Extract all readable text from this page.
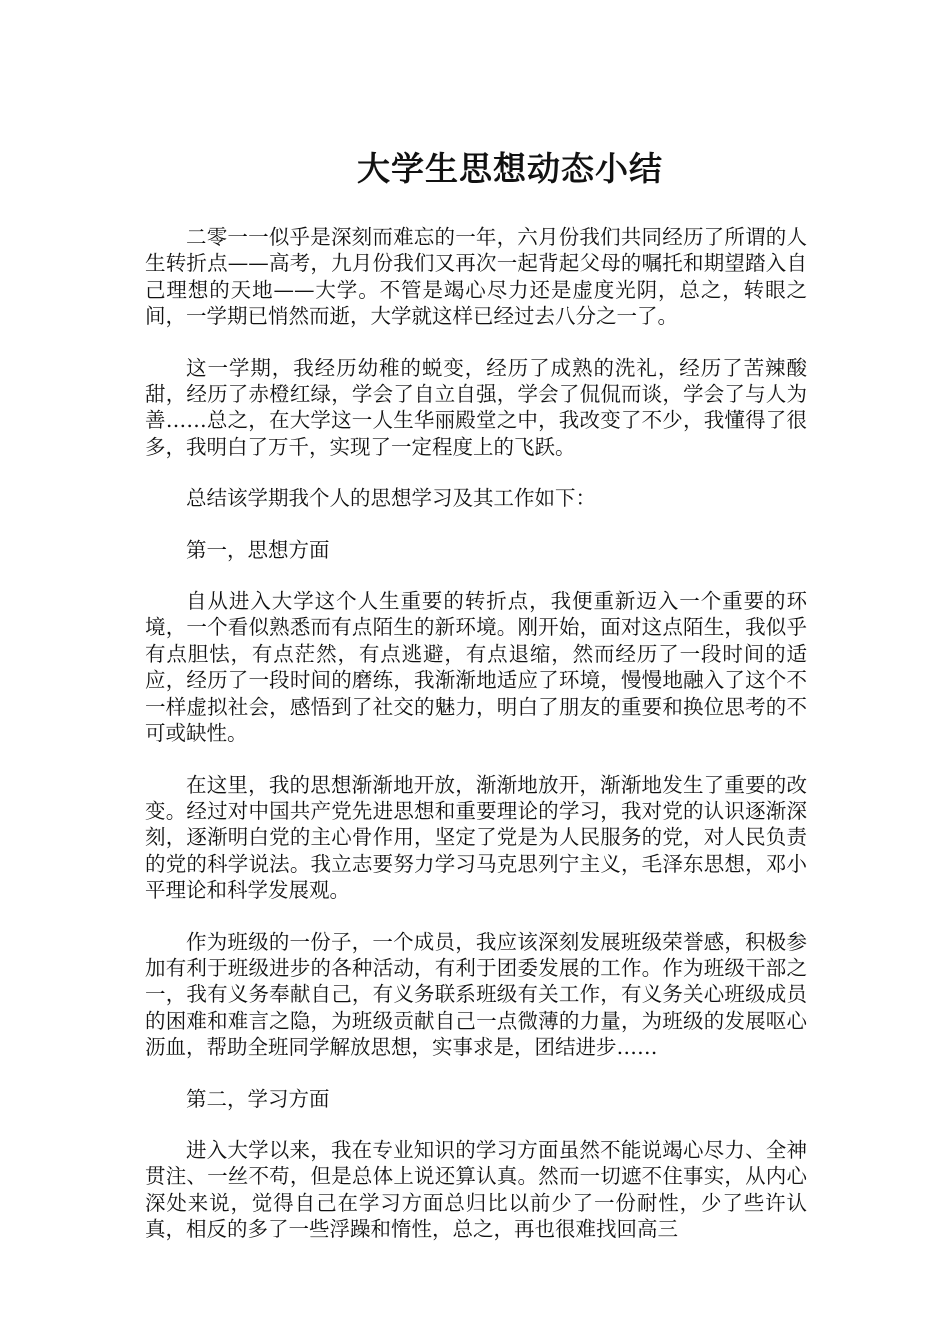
大学生思想动态小结

二零一一似乎是深刻而难忘的一年，六月份我们共同经历了所谓的人生转折点——高考，九月份我们又再次一起背起父母的嘱托和期望踏入自己理想的天地——大学。不管是竭心尽力还是虚度光阴，总之，转眼之间，一学期已悄然而逝，大学就这样已经过去八分之一了。

这一学期，我经历幼稚的蜕变，经历了成熟的洗礼，经历了苦辣酸甜，经历了赤橙红绿，学会了自立自强，学会了侃侃而谈，学会了与人为善……总之，在大学这一人生华丽殿堂之中，我改变了不少，我懂得了很多，我明白了万千，实现了一定程度上的飞跃。

总结该学期我个人的思想学习及其工作如下：

第一，思想方面

自从进入大学这个人生重要的转折点，我便重新迈入一个重要的环境，一个看似熟悉而有点陌生的新环境。刚开始，面对这点陌生，我似乎有点胆怯，有点茫然，有点逃避，有点退缩，然而经历了一段时间的适应，经历了一段时间的磨练，我渐渐地适应了环境，慢慢地融入了这个不一样虚拟社会，感悟到了社交的魅力，明白了朋友的重要和换位思考的不可或缺性。

在这里，我的思想渐渐地开放，渐渐地放开，渐渐地发生了重要的改变。经过对中国共产党先进思想和重要理论的学习，我对党的认识逐渐深刻，逐渐明白党的主心骨作用，坚定了党是为人民服务的党，对人民负责的党的科学说法。我立志要努力学习马克思列宁主义，毛泽东思想，邓小平理论和科学发展观。

作为班级的一份子，一个成员，我应该深刻发展班级荣誉感，积极参加有利于班级进步的各种活动，有利于团委发展的工作。作为班级干部之一，我有义务奉献自己，有义务联系班级有关工作，有义务关心班级成员的困难和难言之隐，为班级贡献自己一点微薄的力量，为班级的发展呕心沥血，帮助全班同学解放思想，实事求是，团结进步……

第二，学习方面

进入大学以来，我在专业知识的学习方面虽然不能说竭心尽力、全神贯注、一丝不苟，但是总体上说还算认真。然而一切遮不住事实，从内心深处来说，觉得自己在学习方面总归比以前少了一份耐性，少了些许认真，相反的多了一些浮躁和惰性，总之，再也很难找回高三
